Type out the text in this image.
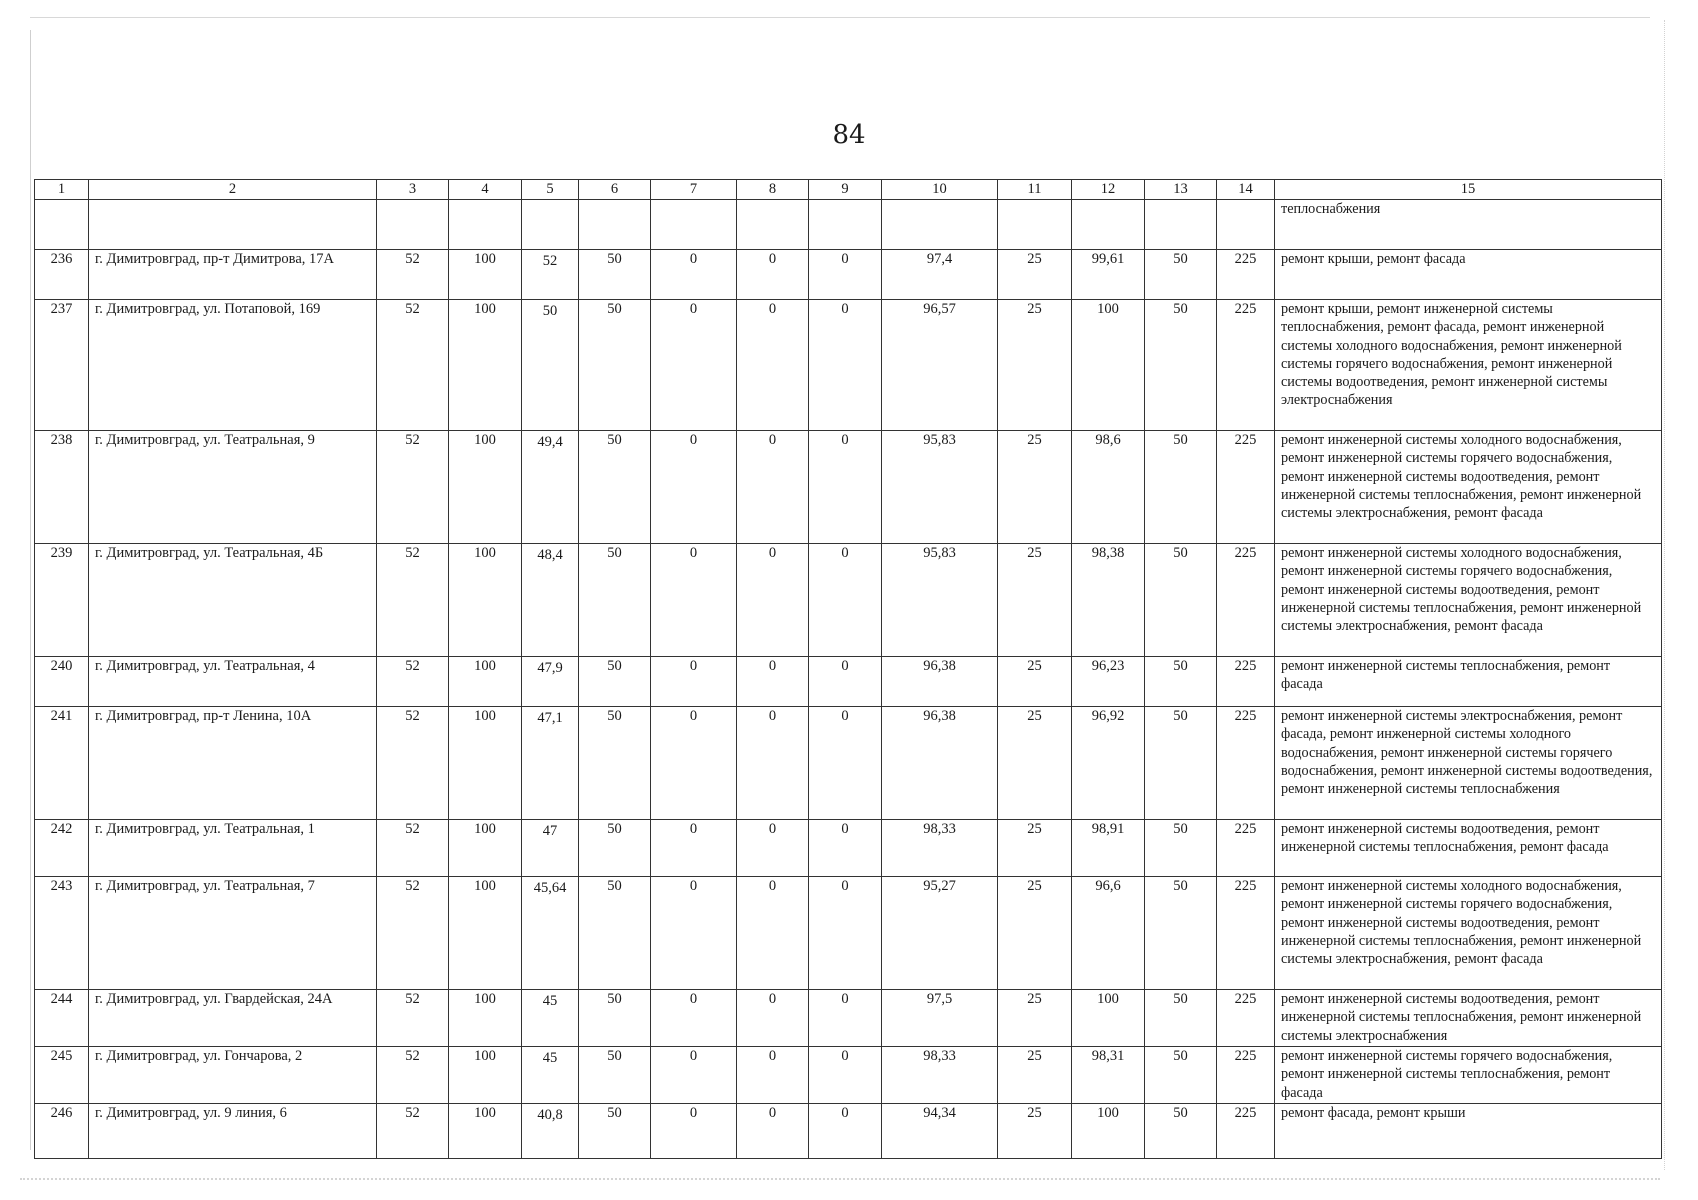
84
1	2	3	4	5	6	7	8	9	10	11	12	13	14	15
														теплоснабжения
236	г. Димитровград, пр-т Димитрова, 17А	52	100	52	50	0	0	0	97,4	25	99,61	50	225	ремонт крыши, ремонт фасада
237	г. Димитровград, ул. Потаповой, 169	52	100	50	50	0	0	0	96,57	25	100	50	225	ремонт крыши, ремонт инженерной системы теплоснабжения, ремонт фасада, ремонт инженерной системы холодного водоснабжения, ремонт инженерной системы горячего водоснабжения, ремонт инженерной системы водоотведения, ремонт инженерной системы электроснабжения
238	г. Димитровград, ул. Театральная, 9	52	100	49,4	50	0	0	0	95,83	25	98,6	50	225	ремонт инженерной системы холодного водоснабжения, ремонт инженерной системы горячего водоснабжения, ремонт инженерной системы водоотведения, ремонт инженерной системы теплоснабжения, ремонт инженерной системы электроснабжения, ремонт фасада
239	г. Димитровград, ул. Театральная, 4Б	52	100	48,4	50	0	0	0	95,83	25	98,38	50	225	ремонт инженерной системы холодного водоснабжения, ремонт инженерной системы горячего водоснабжения, ремонт инженерной системы водоотведения, ремонт инженерной системы теплоснабжения, ремонт инженерной системы электроснабжения, ремонт фасада
240	г. Димитровград, ул. Театральная, 4	52	100	47,9	50	0	0	0	96,38	25	96,23	50	225	ремонт инженерной системы теплоснабжения, ремонт фасада
241	г. Димитровград, пр-т Ленина, 10А	52	100	47,1	50	0	0	0	96,38	25	96,92	50	225	ремонт инженерной системы электроснабжения, ремонт фасада, ремонт инженерной системы холодного водоснабжения, ремонт инженерной системы горячего водоснабжения, ремонт инженерной системы водоотведения, ремонт инженерной системы теплоснабжения
242	г. Димитровград, ул. Театральная, 1	52	100	47	50	0	0	0	98,33	25	98,91	50	225	ремонт инженерной системы водоотведения, ремонт инженерной системы теплоснабжения, ремонт фасада
243	г. Димитровград, ул. Театральная, 7	52	100	45,64	50	0	0	0	95,27	25	96,6	50	225	ремонт инженерной системы холодного водоснабжения, ремонт инженерной системы горячего водоснабжения, ремонт инженерной системы водоотведения, ремонт инженерной системы теплоснабжения, ремонт инженерной системы электроснабжения, ремонт фасада
244	г. Димитровград, ул. Гвардейская, 24А	52	100	45	50	0	0	0	97,5	25	100	50	225	ремонт инженерной системы водоотведения, ремонт инженерной системы теплоснабжения, ремонт инженерной системы электроснабжения
245	г. Димитровград, ул. Гончарова, 2	52	100	45	50	0	0	0	98,33	25	98,31	50	225	ремонт инженерной системы горячего водоснабжения, ремонт инженерной системы теплоснабжения, ремонт фасада
246	г. Димитровград, ул. 9 линия, 6	52	100	40,8	50	0	0	0	94,34	25	100	50	225	ремонт фасада, ремонт крыши
